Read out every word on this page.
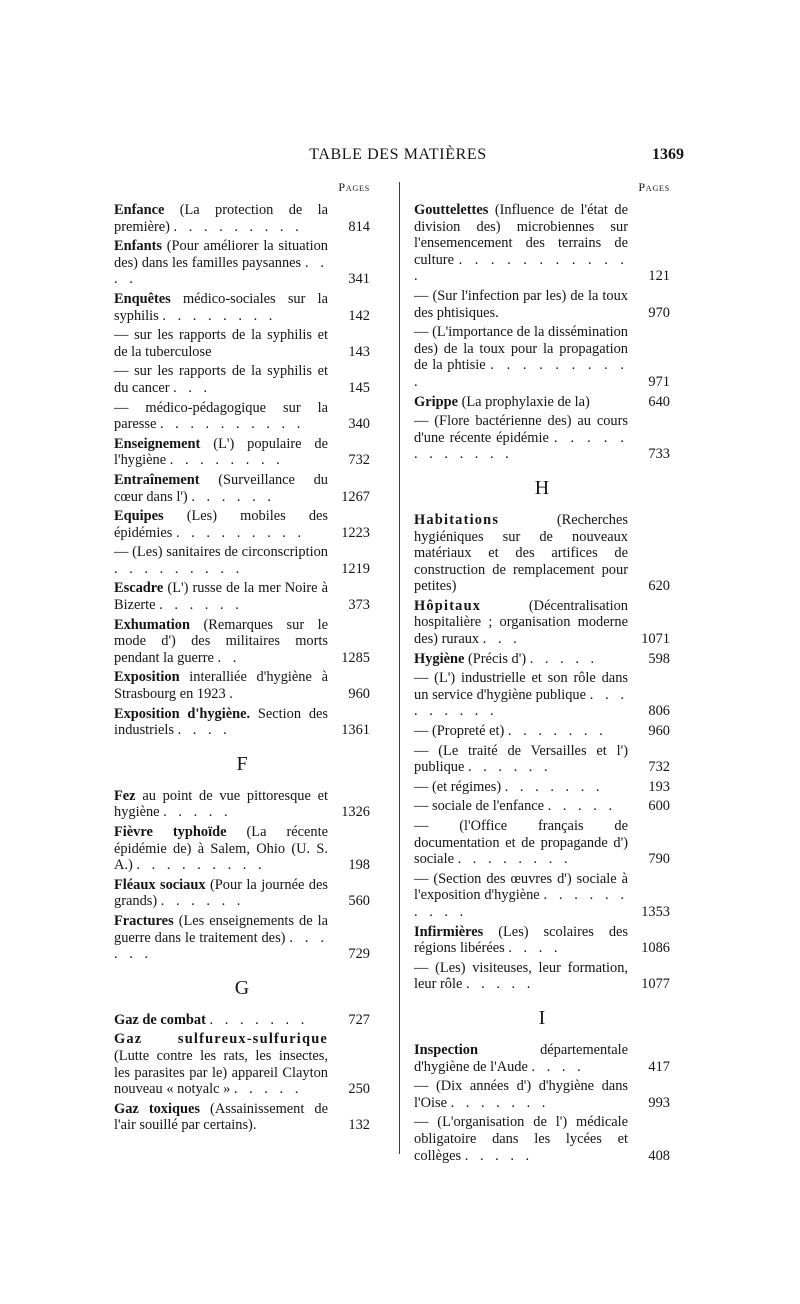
TABLE DES MATIÈRES	1369
Pages
Enfance (La protection de la première) . . . . . . . . .	814
Enfants (Pour améliorer la situation des) dans les familles paysannes . . . .	341
Enquêtes médico-sociales sur la syphilis . . . . . . . .	142
— sur les rapports de la syphilis et de la tuberculose	143
— sur les rapports de la syphilis et du cancer . . .	145
— médico-pédagogique sur la paresse . . . . . . . . . .	340
Enseignement (L') populaire de l'hygiène . . . . . . . .	732
Entraînement (Surveillance du cœur dans l') . . . . . .	1267
Equipes (Les) mobiles des épidémies . . . . . . . . .	1223
— (Les) sanitaires de circonscription . . . . . . . . .	1219
Escadre (L') russe de la mer Noire à Bizerte . . . . . .	373
Exhumation (Remarques sur le mode d') des militaires morts pendant la guerre . .	1285
Exposition interalliée d'hygiène à Strasbourg en 1923 .	960
Exposition d'hygiène. Section des industriels . . . .	1361
F
Fez au point de vue pittoresque et hygiène . . . . .	1326
Fièvre typhoïde (La récente épidémie de) à Salem, Ohio (U. S. A.) . . . . . . . . .	198
Fléaux sociaux (Pour la journée des grands) . . . . . .	560
Fractures (Les enseignements de la guerre dans le traitement des) . . . . . .	729
G
Gaz de combat . . . . . . .	727
Gaz sulfureux-sulfurique (Lutte contre les rats, les insectes, les parasites par le) appareil Clayton nouveau « notyalc » . . . . .	250
Gaz toxiques (Assainissement de l'air souillé par certains).	132
Pages
Gouttelettes (Influence de l'état de division des) microbiennes sur l'ensemencement des terrains de culture . . . . . . . . . . . .	121
— (Sur l'infection par les) de la toux des phtisiques.	970
— (L'importance de la dissémination des) de la toux pour la propagation de la phtisie . . . . . . . . . .	971
Grippe (La prophylaxie de la)	640
— (Flore bactérienne des) au cours d'une récente épidémie . . . . . . . . . . . .	733
H
Habitations (Recherches hygiéniques sur de nouveaux matériaux et des artifices de construction de remplacement pour petites)	620
Hôpitaux (Décentralisation hospitalière ; organisation moderne des) ruraux . . .	1071
Hygiène (Précis d') . . . . .	598
— (L') industrielle et son rôle dans un service d'hygiène publique . . . . . . . . .	806
— (Propreté et) . . . . . . .	960
— (Le traité de Versailles et l') publique . . . . . .	732
— (et régimes) . . . . . . .	193
— sociale de l'enfance . . . . .	600
— (l'Office français de documentation et de propagande d') sociale . . . . . . . .	790
— (Section des œuvres d') sociale à l'exposition d'hygiène . . . . . . . . . .	1353
Infirmières (Les) scolaires des régions libérées . . . .	1086
— (Les) visiteuses, leur formation, leur rôle . . . . .	1077
I
Inspection départementale d'hygiène de l'Aude . . . .	417
— (Dix années d') d'hygiène dans l'Oise . . . . . . .	993
— (L'organisation de l') médicale obligatoire dans les lycées et collèges . . . . .	408
